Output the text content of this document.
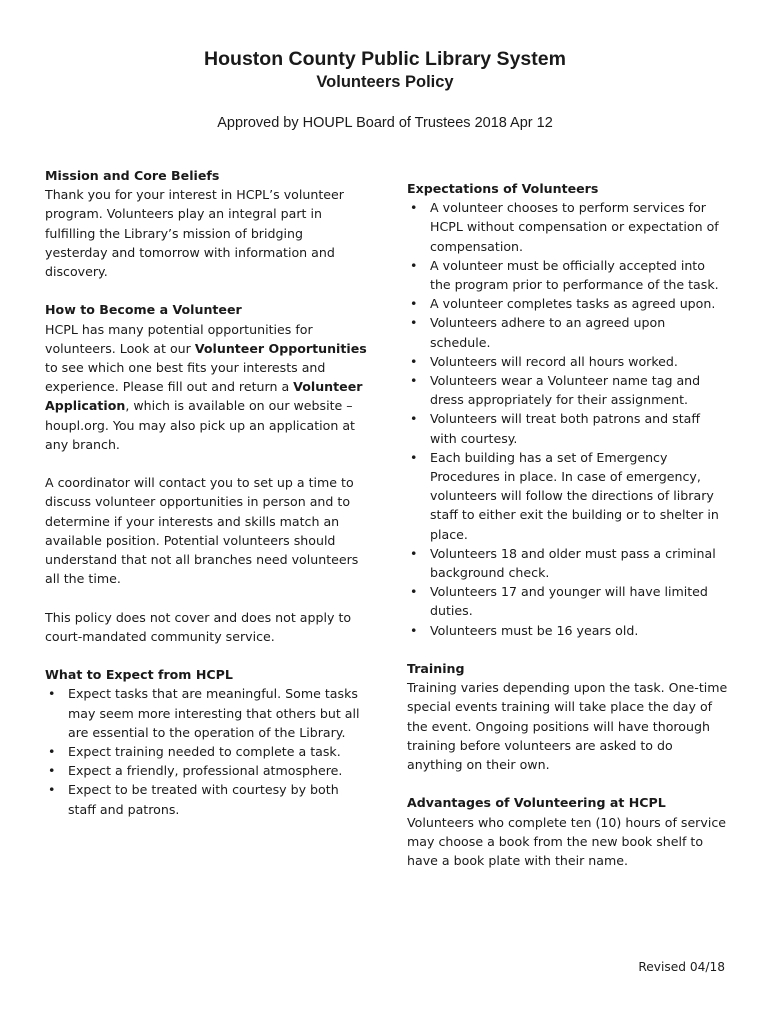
Houston County Public Library System
Volunteers Policy
Approved by HOUPL Board of Trustees 2018 Apr 12
Mission and Core Beliefs

Thank you for your interest in HCPL’s volunteer program. Volunteers play an integral part in fulfilling the Library’s mission of bridging yesterday and tomorrow with information and discovery.

How to Become a Volunteer

HCPL has many potential opportunities for volunteers. Look at our Volunteer Opportunities to see which one best fits your interests and experience. Please fill out and return a Volunteer Application, which is available on our website – houpl.org. You may also pick up an application at any branch.

A coordinator will contact you to set up a time to discuss volunteer opportunities in person and to determine if your interests and skills match an available position. Potential volunteers should understand that not all branches need volunteers all the time.

This policy does not cover and does not apply to court-mandated community service.

What to Expect from HCPL
• Expect tasks that are meaningful. Some tasks may seem more interesting that others but all are essential to the operation of the Library.
• Expect training needed to complete a task.
• Expect a friendly, professional atmosphere.
• Expect to be treated with courtesy by both staff and patrons.
Expectations of Volunteers
• A volunteer chooses to perform services for HCPL without compensation or expectation of compensation.
• A volunteer must be officially accepted into the program prior to performance of the task.
• A volunteer completes tasks as agreed upon.
• Volunteers adhere to an agreed upon schedule.
• Volunteers will record all hours worked.
• Volunteers wear a Volunteer name tag and dress appropriately for their assignment.
• Volunteers will treat both patrons and staff with courtesy.
• Each building has a set of Emergency Procedures in place. In case of emergency, volunteers will follow the directions of library staff to either exit the building or to shelter in place.
• Volunteers 18 and older must pass a criminal background check.
• Volunteers 17 and younger will have limited duties.
• Volunteers must be 16 years old.
Training

Training varies depending upon the task. One-time special events training will take place the day of the event. Ongoing positions will have thorough training before volunteers are asked to do anything on their own.

Advantages of Volunteering at HCPL

Volunteers who complete ten (10) hours of service may choose a book from the new book shelf to have a book plate with their name.

Revised 04/18
